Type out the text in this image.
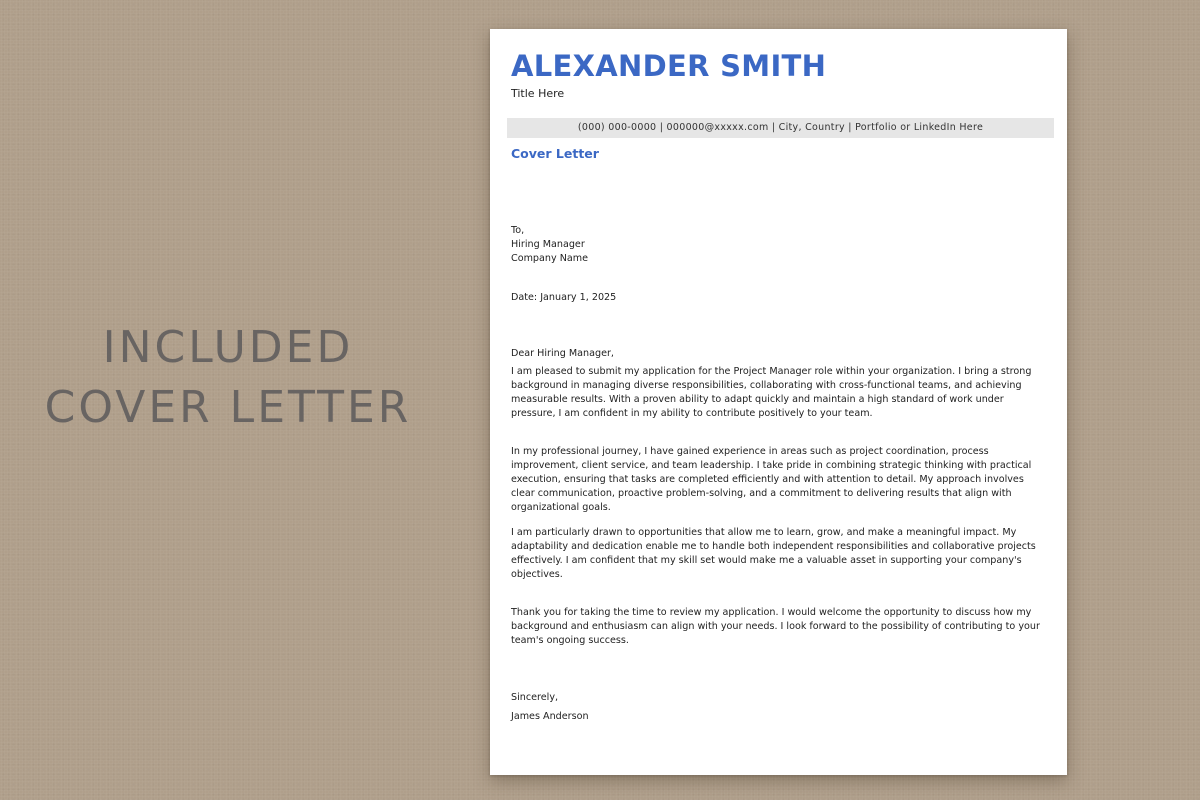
INCLUDED
COVER LETTER
ALEXANDER SMITH
Title Here
(000) 000-0000 | 000000@xxxxx.com | City, Country | Portfolio or LinkedIn Here
Cover Letter
To,
Hiring Manager
Company Name
Date: January 1, 2025
Dear Hiring Manager,
I am pleased to submit my application for the Project Manager role within your organization. I bring a strong background in managing diverse responsibilities, collaborating with cross-functional teams, and achieving measurable results. With a proven ability to adapt quickly and maintain a high standard of work under pressure, I am confident in my ability to contribute positively to your team.
In my professional journey, I have gained experience in areas such as project coordination, process improvement, client service, and team leadership. I take pride in combining strategic thinking with practical execution, ensuring that tasks are completed efficiently and with attention to detail. My approach involves clear communication, proactive problem-solving, and a commitment to delivering results that align with organizational goals.
I am particularly drawn to opportunities that allow me to learn, grow, and make a meaningful impact. My adaptability and dedication enable me to handle both independent responsibilities and collaborative projects effectively. I am confident that my skill set would make me a valuable asset in supporting your company's objectives.
Thank you for taking the time to review my application. I would welcome the opportunity to discuss how my background and enthusiasm can align with your needs. I look forward to the possibility of contributing to your team's ongoing success.
Sincerely,
James Anderson
